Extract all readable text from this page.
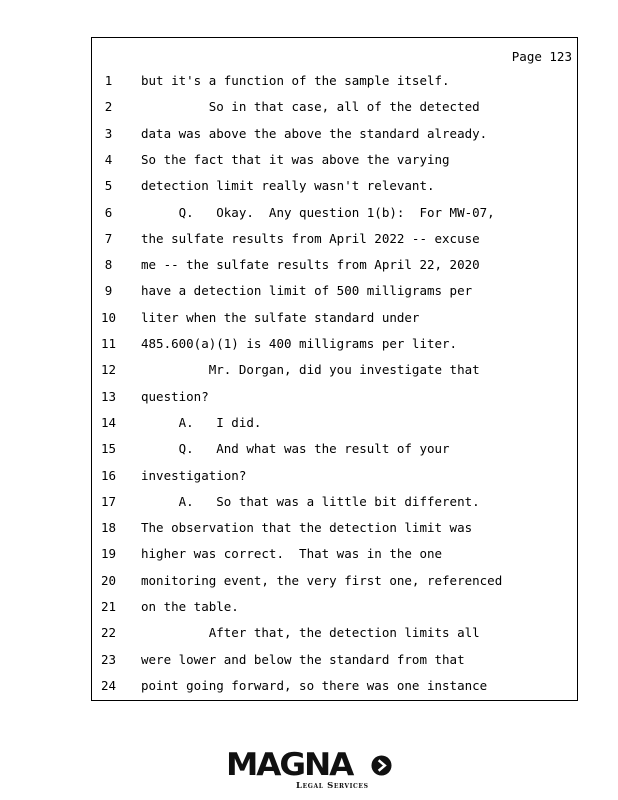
Page 123
1	but it's a function of the sample itself.
2	So in that case, all of the detected
3	data was above the above the standard already.
4	So the fact that it was above the varying
5	detection limit really wasn't relevant.
6	Q.   Okay.  Any question 1(b):  For MW-07,
7	the sulfate results from April 2022 -- excuse
8	me -- the sulfate results from April 22, 2020
9	have a detection limit of 500 milligrams per
10	liter when the sulfate standard under
11	485.600(a)(1) is 400 milligrams per liter.
12	Mr. Dorgan, did you investigate that
13	question?
14	A.   I did.
15	Q.   And what was the result of your
16	investigation?
17	A.   So that was a little bit different.
18	The observation that the detection limit was
19	higher was correct.  That was in the one
20	monitoring event, the very first one, referenced
21	on the table.
22	After that, the detection limits all
23	were lower and below the standard from that
24	point going forward, so there was one instance
MAGNA
Legal Services
